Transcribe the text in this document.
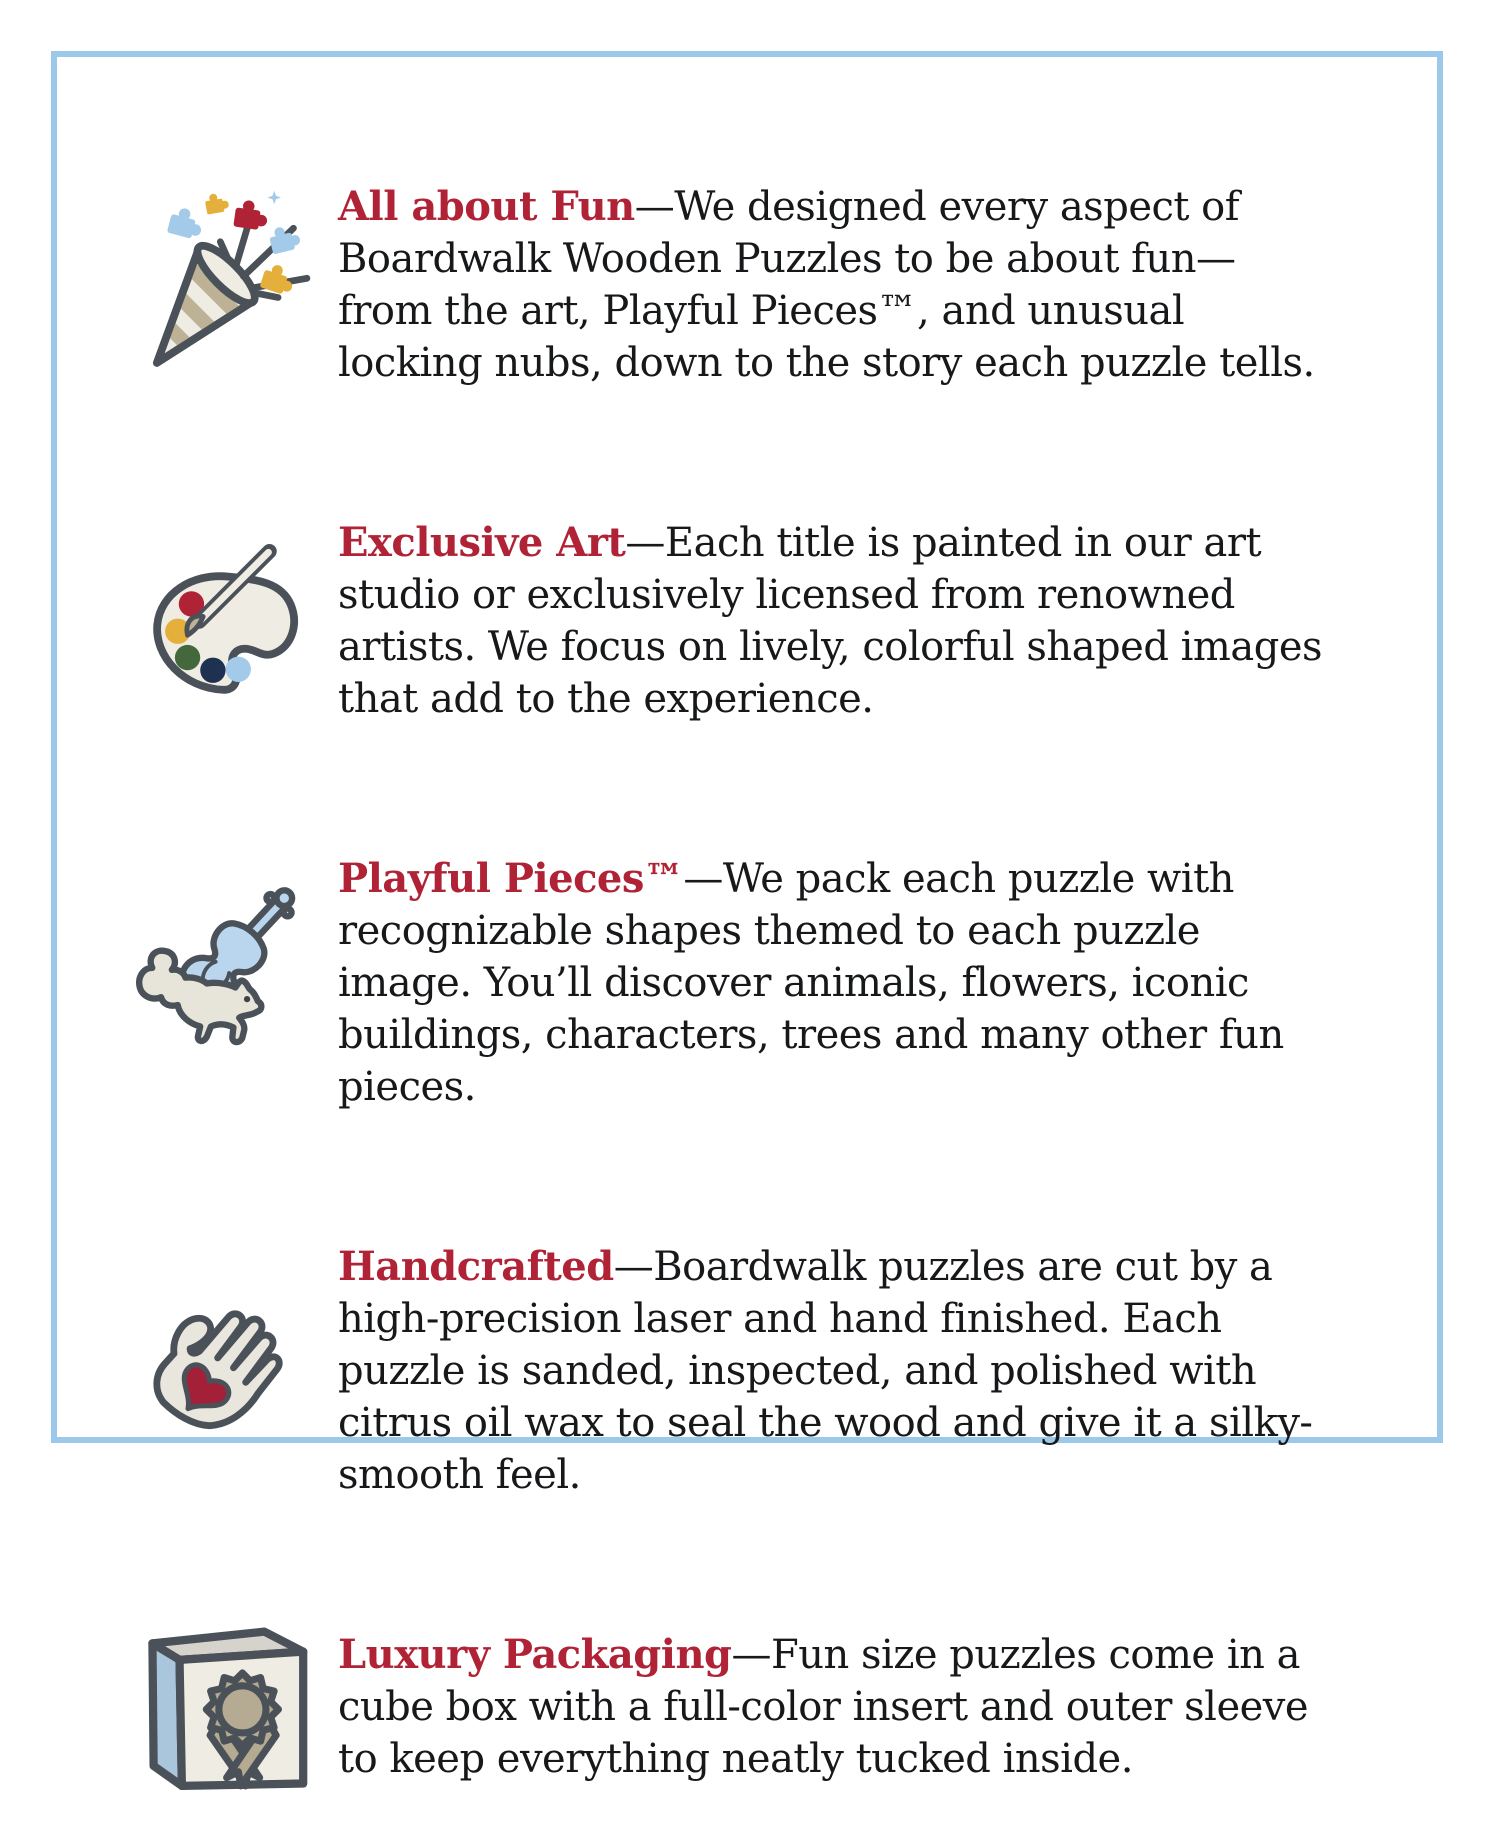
All about Fun—We designed every aspect of Boardwalk Wooden Puzzles to be about fun—from the art, Playful Pieces™, and unusual locking nubs, down to the story each puzzle tells.

Exclusive Art—Each title is painted in our art studio or exclusively licensed from renowned artists. We focus on lively, colorful shaped images that add to the experience.

Playful Pieces™—We pack each puzzle with recognizable shapes themed to each puzzle image. You’ll discover animals, flowers, iconic buildings, characters, trees and many other fun pieces.

Handcrafted—Boardwalk puzzles are cut by a high-precision laser and hand finished. Each puzzle is sanded, inspected, and polished with citrus oil wax to seal the wood and give it a silky-smooth feel.

Luxury Packaging—Fun size puzzles come in a cube box with a full-color insert and outer sleeve to keep everything neatly tucked inside.
